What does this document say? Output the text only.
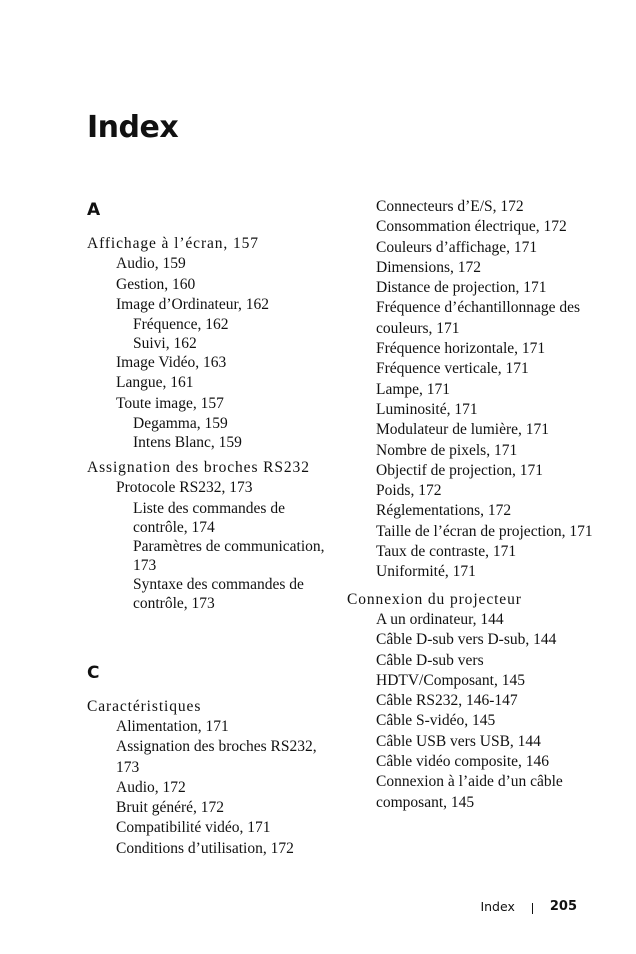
Index
A
Affichage à l’écran, 157
Audio, 159
Gestion, 160
Image d’Ordinateur, 162
Fréquence, 162
Suivi, 162
Image Vidéo, 163
Langue, 161
Toute image, 157
Degamma, 159
Intens Blanc, 159
Assignation des broches RS232
Protocole RS232, 173
Liste des commandes de contrôle, 174
Paramètres de communication, 173
Syntaxe des commandes de contrôle, 173
C
Caractéristiques
Alimentation, 171
Assignation des broches RS232, 173
Audio, 172
Bruit généré, 172
Compatibilité vidéo, 171
Conditions d’utilisation, 172
Connecteurs d’E/S, 172
Consommation électrique, 172
Couleurs d’affichage, 171
Dimensions, 172
Distance de projection, 171
Fréquence d’échantillonnage des couleurs, 171
Fréquence horizontale, 171
Fréquence verticale, 171
Lampe, 171
Luminosité, 171
Modulateur de lumière, 171
Nombre de pixels, 171
Objectif de projection, 171
Poids, 172
Réglementations, 172
Taille de l’écran de projection, 171
Taux de contraste, 171
Uniformité, 171
Connexion du projecteur
A un ordinateur, 144
Câble D-sub vers D-sub, 144
Câble D-sub vers HDTV/Composant, 145
Câble RS232, 146-147
Câble S-vidéo, 145
Câble USB vers USB, 144
Câble vidéo composite, 146
Connexion à l’aide d’un câble composant, 145
Index	205
